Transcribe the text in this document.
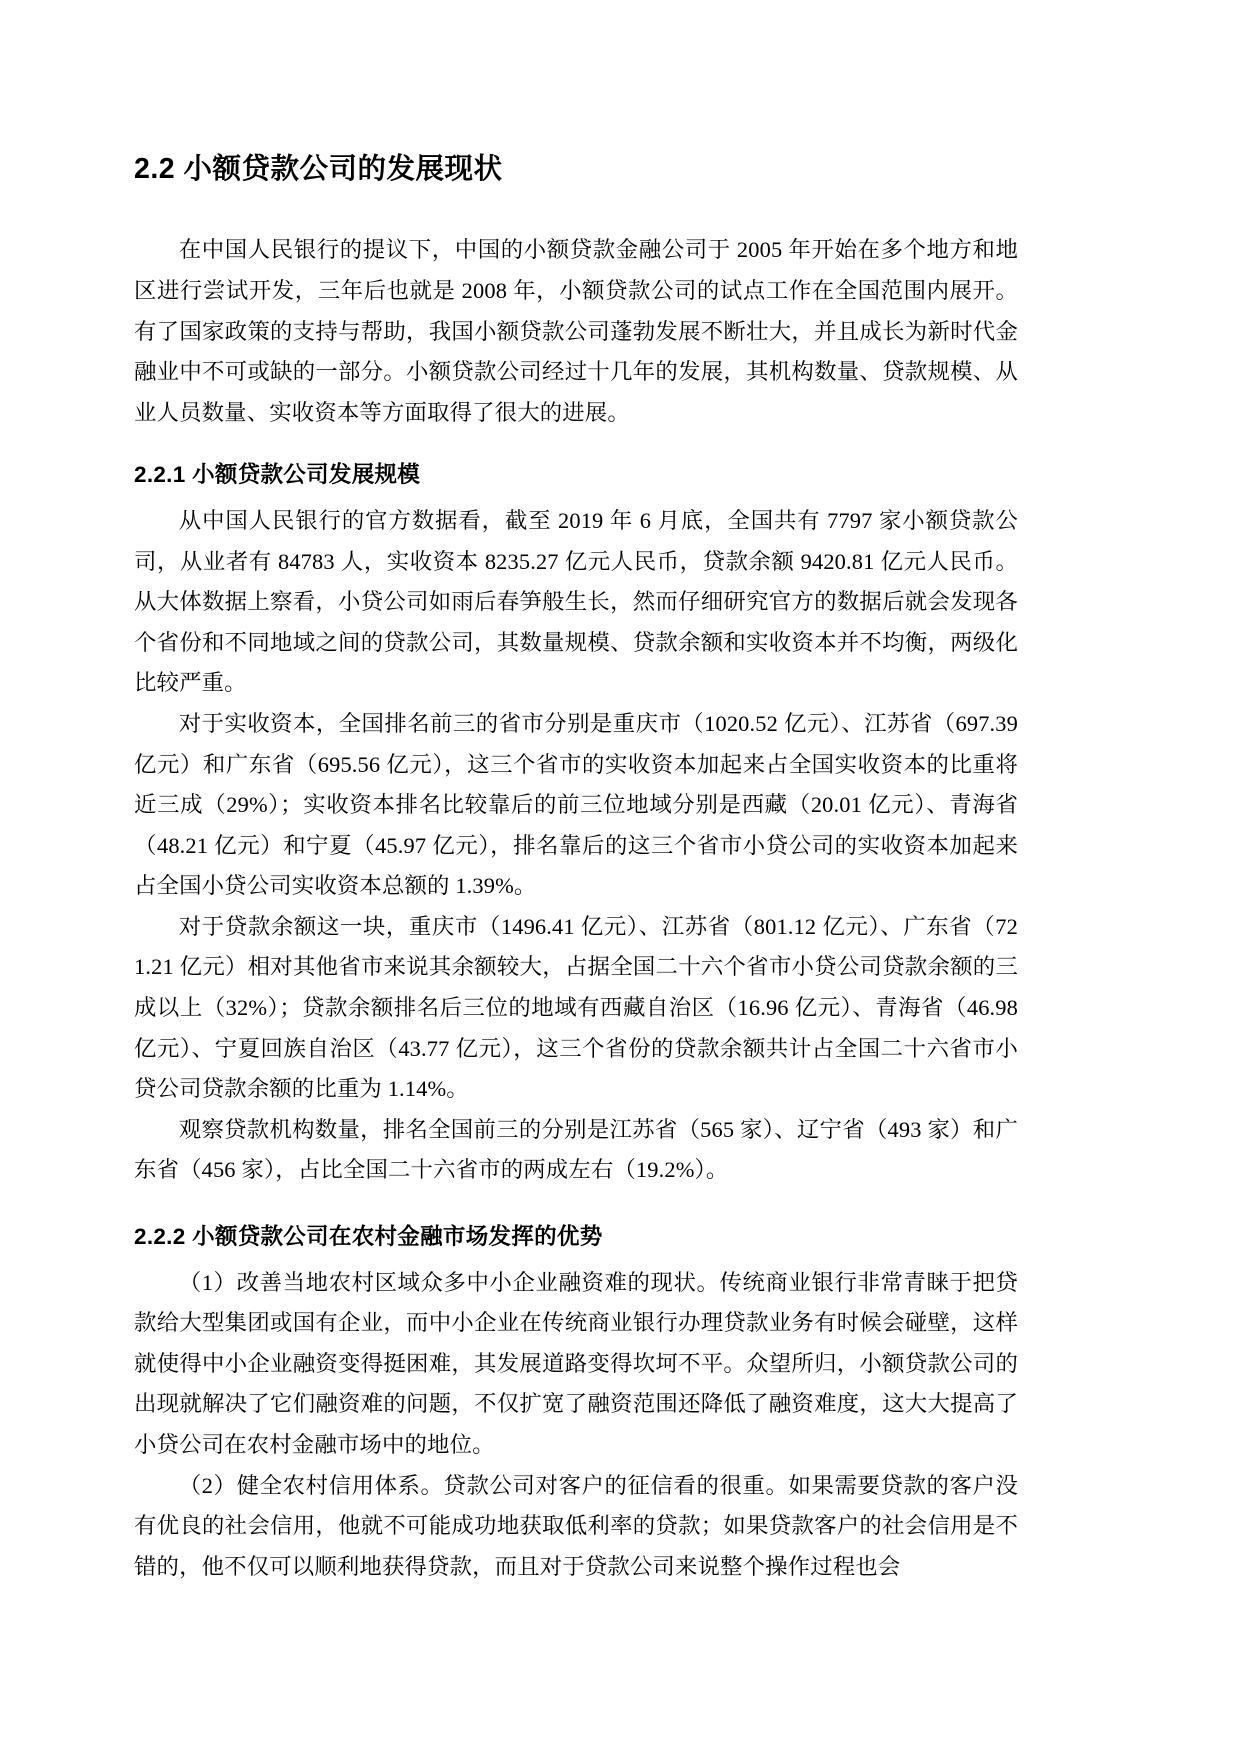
2.2 小额贷款公司的发展现状

在中国人民银行的提议下，中国的小额贷款金融公司于 2005 年开始在多个地方和地区进行尝试开发，三年后也就是 2008 年，小额贷款公司的试点工作在全国范围内展开。有了国家政策的支持与帮助，我国小额贷款公司蓬勃发展不断壮大，并且成长为新时代金融业中不可或缺的一部分。小额贷款公司经过十几年的发展，其机构数量、贷款规模、从业人员数量、实收资本等方面取得了很大的进展。

2.2.1 小额贷款公司发展规模

从中国人民银行的官方数据看，截至 2019 年 6 月底，全国共有 7797 家小额贷款公司，从业者有 84783 人，实收资本 8235.27 亿元人民币，贷款余额 9420.81 亿元人民币。从大体数据上察看，小贷公司如雨后春笋般生长，然而仔细研究官方的数据后就会发现各个省份和不同地域之间的贷款公司，其数量规模、贷款余额和实收资本并不均衡，两级化比较严重。

对于实收资本，全国排名前三的省市分别是重庆市（1020.52 亿元）、江苏省（697.39 亿元）和广东省（695.56 亿元），这三个省市的实收资本加起来占全国实收资本的比重将近三成（29%）；实收资本排名比较靠后的前三位地域分别是西藏（20.01 亿元）、青海省（48.21 亿元）和宁夏（45.97 亿元），排名靠后的这三个省市小贷公司的实收资本加起来占全国小贷公司实收资本总额的 1.39%。

对于贷款余额这一块，重庆市（1496.41 亿元）、江苏省（801.12 亿元）、广东省（721.21 亿元）相对其他省市来说其余额较大，占据全国二十六个省市小贷公司贷款余额的三成以上（32%）；贷款余额排名后三位的地域有西藏自治区（16.96 亿元）、青海省（46.98 亿元）、宁夏回族自治区（43.77 亿元），这三个省份的贷款余额共计占全国二十六省市小贷公司贷款余额的比重为 1.14%。

观察贷款机构数量，排名全国前三的分别是江苏省（565 家）、辽宁省（493 家）和广东省（456 家），占比全国二十六省市的两成左右（19.2%）。

2.2.2 小额贷款公司在农村金融市场发挥的优势

（1）改善当地农村区域众多中小企业融资难的现状。传统商业银行非常青睐于把贷款给大型集团或国有企业，而中小企业在传统商业银行办理贷款业务有时候会碰壁，这样就使得中小企业融资变得挺困难，其发展道路变得坎坷不平。众望所归，小额贷款公司的出现就解决了它们融资难的问题，不仅扩宽了融资范围还降低了融资难度，这大大提高了小贷公司在农村金融市场中的地位。

（2）健全农村信用体系。贷款公司对客户的征信看的很重。如果需要贷款的客户没有优良的社会信用，他就不可能成功地获取低利率的贷款；如果贷款客户的社会信用是不错的，他不仅可以顺利地获得贷款，而且对于贷款公司来说整个操作过程也会
